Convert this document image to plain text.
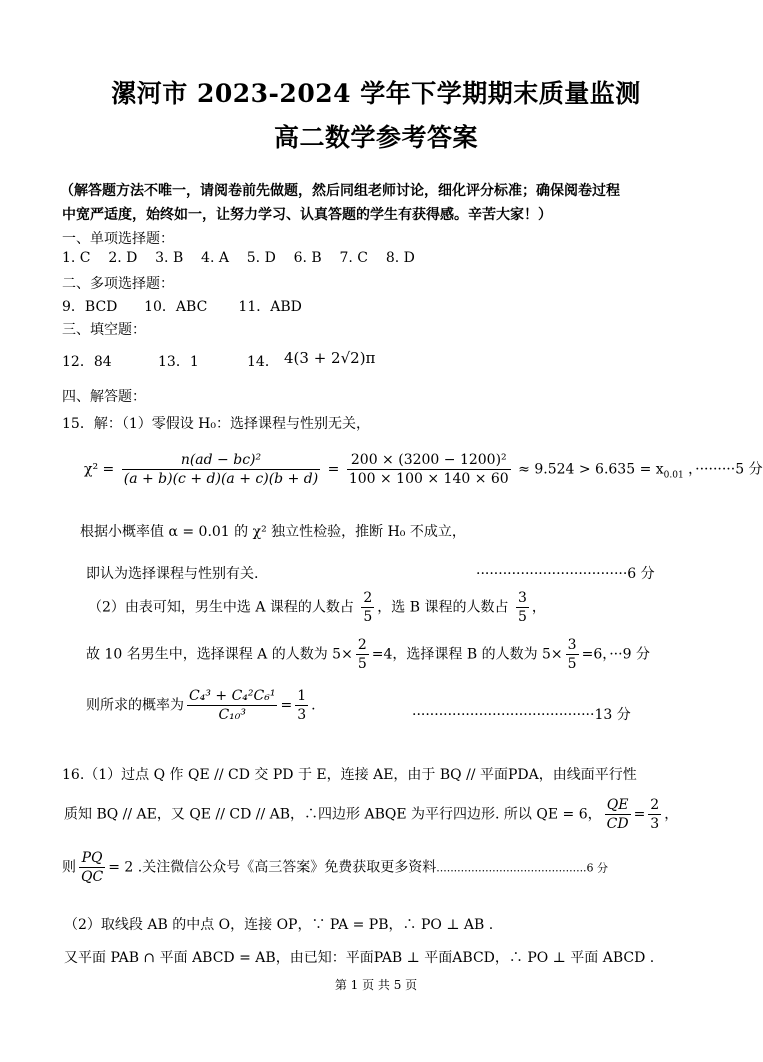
漯河市 2023-2024 学年下学期期末质量监测
高二数学参考答案
（解答题方法不唯一，请阅卷前先做题，然后同组老师讨论，细化评分标准；确保阅卷过程
中宽严适度，始终如一，让努力学习、认真答题的学生有获得感。辛苦大家！）
一、单项选择题：
1. C    2. D    3. B    4. A    5. D    6. B    7. C    8. D
二、多项选择题：
9．BCD      10．ABC       11．ABD
三、填空题：
12．84	13．1	14． 4(3 + 2√2)π
四、解答题：
15．解：（1）零假设 H₀：选择课程与性别无关，
$\chi^2 = \frac{\text{n(ad − bc)²}}{(a + b)(c + d)(a + c)(b + d)} = \frac{\text{200 × (3200 − 1200)²}}{100 \times 100 \times 140 \times 60} \approx 9.524 > 6.635 = x_{0.01}$ ，·········5 分
根据小概率值 α = 0.01 的 χ² 独立性检验，推断 H₀ 不成立，
即认为选择课程与性别有关.	··································6 分
（2）由表可知，男生中选 A 课程的人数占 $\frac{2}{5}$ ，选 B 课程的人数占 $\frac{3}{5}$ ，
故 10 名男生中，选择课程 A 的人数为 $5\times \frac{2}{5} =4$，选择课程 B 的人数为 $5\times \frac{3}{5} =6$，···9 分
则所求的概率为 $\frac{\text{C₄³ + C₄²C₆¹}}{\text{C₁₀³}} = \frac{1}{3}$ .
·········································13 分
16.（1）过点 Q 作 QE // CD 交 PD 于 E，连接 AE，由于 BQ // 平面PDA，由线面平行性
质知 BQ // AE，又 QE // CD // AB，∴四边形 ABQE 为平行四边形. 所以 QE = 6， $\frac{QE}{CD} = \frac{2}{3}$ ，
则 $\frac{PQ}{QC} = 2$ .关注微信公众号《高三答案》免费获取更多资料...........................................6 分
（2）取线段 AB 的中点 O，连接 OP，∵ PA = PB，∴ PO ⊥ AB .
又平面 PAB ∩ 平面 ABCD = AB，由已知：平面PAB ⊥ 平面ABCD，∴ PO ⊥ 平面 ABCD .
第 1 页 共 5 页
